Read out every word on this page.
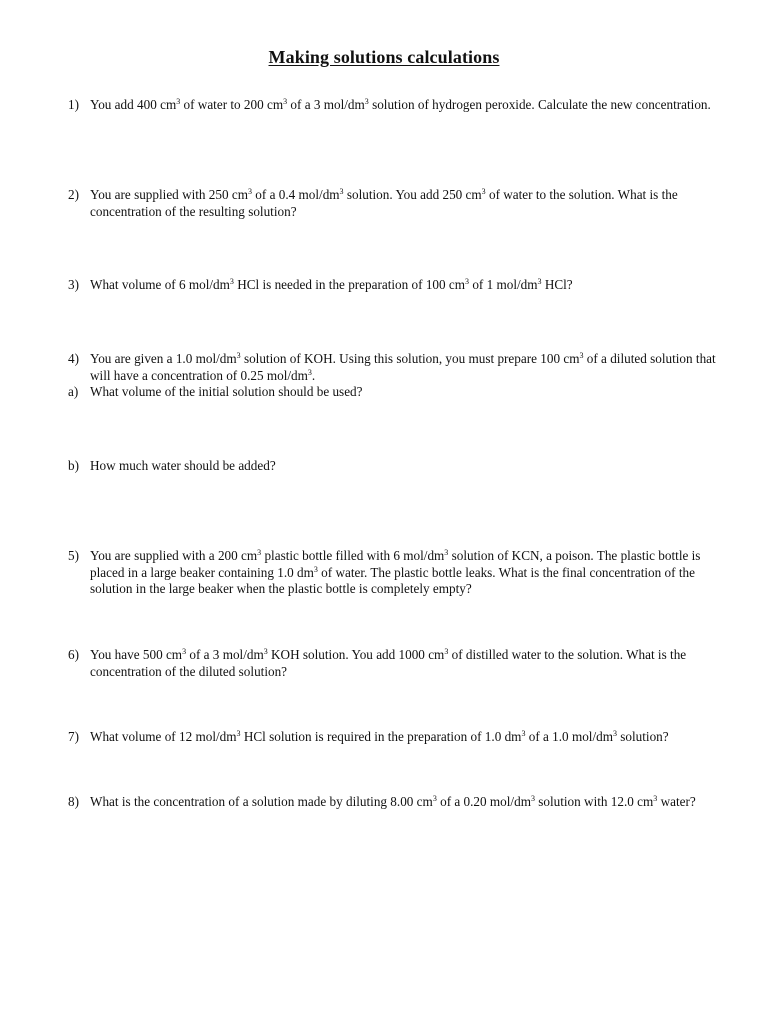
Making solutions calculations
1) You add 400 $cm^3$ of water to 200 $cm^3$ of a 3 mol/$dm^3$ solution of hydrogen peroxide. Calculate the new concentration.
2) You are supplied with 250 $cm^3$ of a 0.4 mol/$dm^3$ solution. You add 250 $cm^3$ of water to the solution. What is the concentration of the resulting solution?
3) What volume of 6 mol/$dm^3$ HCl is needed in the preparation of 100 $cm^3$ of 1 mol/$dm^3$ HCl?
4) You are given a 1.0 mol/$dm^3$ solution of KOH. Using this solution, you must prepare 100 $cm^3$ of a diluted solution that will have a concentration of 0.25 mol/$dm^3$.
a) What volume of the initial solution should be used?
b) How much water should be added?
5) You are supplied with a 200 $cm^3$ plastic bottle filled with 6 mol/$dm^3$ solution of KCN, a poison. The plastic bottle is placed in a large beaker containing 1.0 $dm^3$ of water. The plastic bottle leaks. What is the final concentration of the solution in the large beaker when the plastic bottle is completely empty?
6) You have 500 $cm^3$ of a 3 mol/$dm^3$ KOH solution. You add 1000 $cm^3$ of distilled water to the solution. What is the concentration of the diluted solution?
7) What volume of 12 mol/$dm^3$ HCl solution is required in the preparation of 1.0 $dm^3$ of a 1.0 mol/$dm^3$ solution?
8) What is the concentration of a solution made by diluting 8.00 $cm^3$ of a 0.20 mol/$dm^3$ solution with 12.0 $cm^3$ water?
